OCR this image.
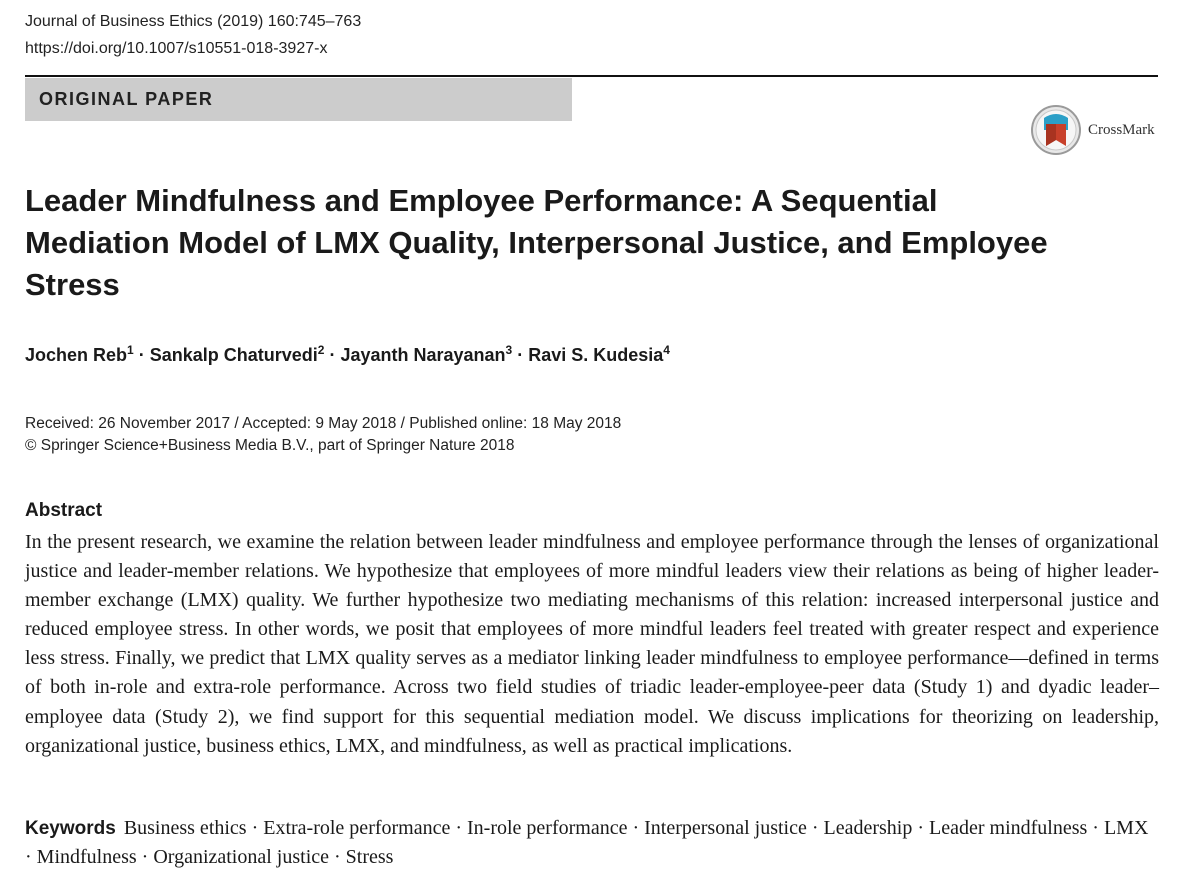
Journal of Business Ethics (2019) 160:745–763
https://doi.org/10.1007/s10551-018-3927-x
ORIGINAL PAPER
CrossMark
Leader Mindfulness and Employee Performance: A Sequential
Mediation Model of LMX Quality, Interpersonal Justice, and Employee
Stress
Jochen Reb$^1$ · Sankalp Chaturvedi$^2$ · Jayanth Narayanan$^3$ · Ravi S. Kudesia$^4$
Received: 26 November 2017 / Accepted: 9 May 2018 / Published online: 18 May 2018
© Springer Science+Business Media B.V., part of Springer Nature 2018
Abstract
In the present research, we examine the relation between leader mindfulness and employee performance through the lenses of organizational justice and leader-member relations. We hypothesize that employees of more mindful leaders view their relations as being of higher leader-member exchange (LMX) quality. We further hypothesize two mediating mechanisms of this relation: increased interpersonal justice and reduced employee stress. In other words, we posit that employees of more mindful leaders feel treated with greater respect and experience less stress. Finally, we predict that LMX quality serves as a mediator linking leader mindfulness to employee performance—defined in terms of both in-role and extra-role performance. Across two field studies of triadic leader-employee-peer data (Study 1) and dyadic leader–employee data (Study 2), we find support for this sequential mediation model. We discuss implications for theorizing on leadership, organizational justice, business ethics, LMX, and mindfulness, as well as practical implications.
Keywords Business ethics · Extra-role performance · In-role performance · Interpersonal justice · Leadership · Leader mindfulness · LMX · Mindfulness · Organizational justice · Stress
